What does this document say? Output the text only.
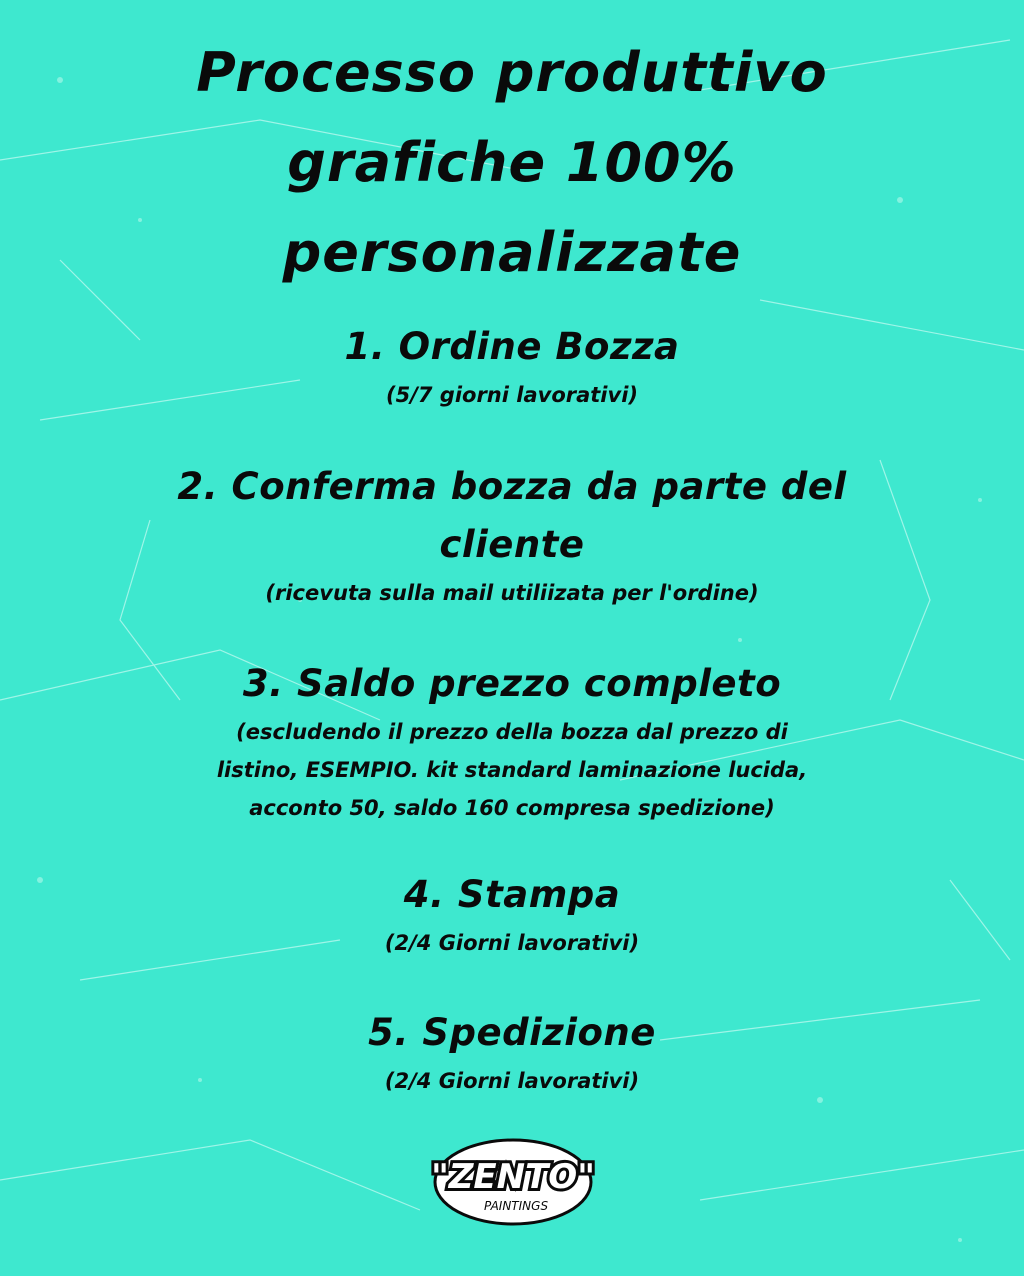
Processo produttivo
grafiche 100%
personalizzate

1. Ordine Bozza

(5/7 giorni lavorativi)

2. Conferma bozza da parte del

cliente

(ricevuta sulla mail utiliizata per l'ordine)

3. Saldo prezzo completo

(escludendo il prezzo della bozza dal prezzo di

listino, ESEMPIO. kit standard laminazione lucida,

acconto 50, saldo 160 compresa spedizione)

4. Stampa

(2/4 Giorni lavorativi)

5. Spedizione

(2/4 Giorni lavorativi)

"ZENTO"
PAINTINGS
